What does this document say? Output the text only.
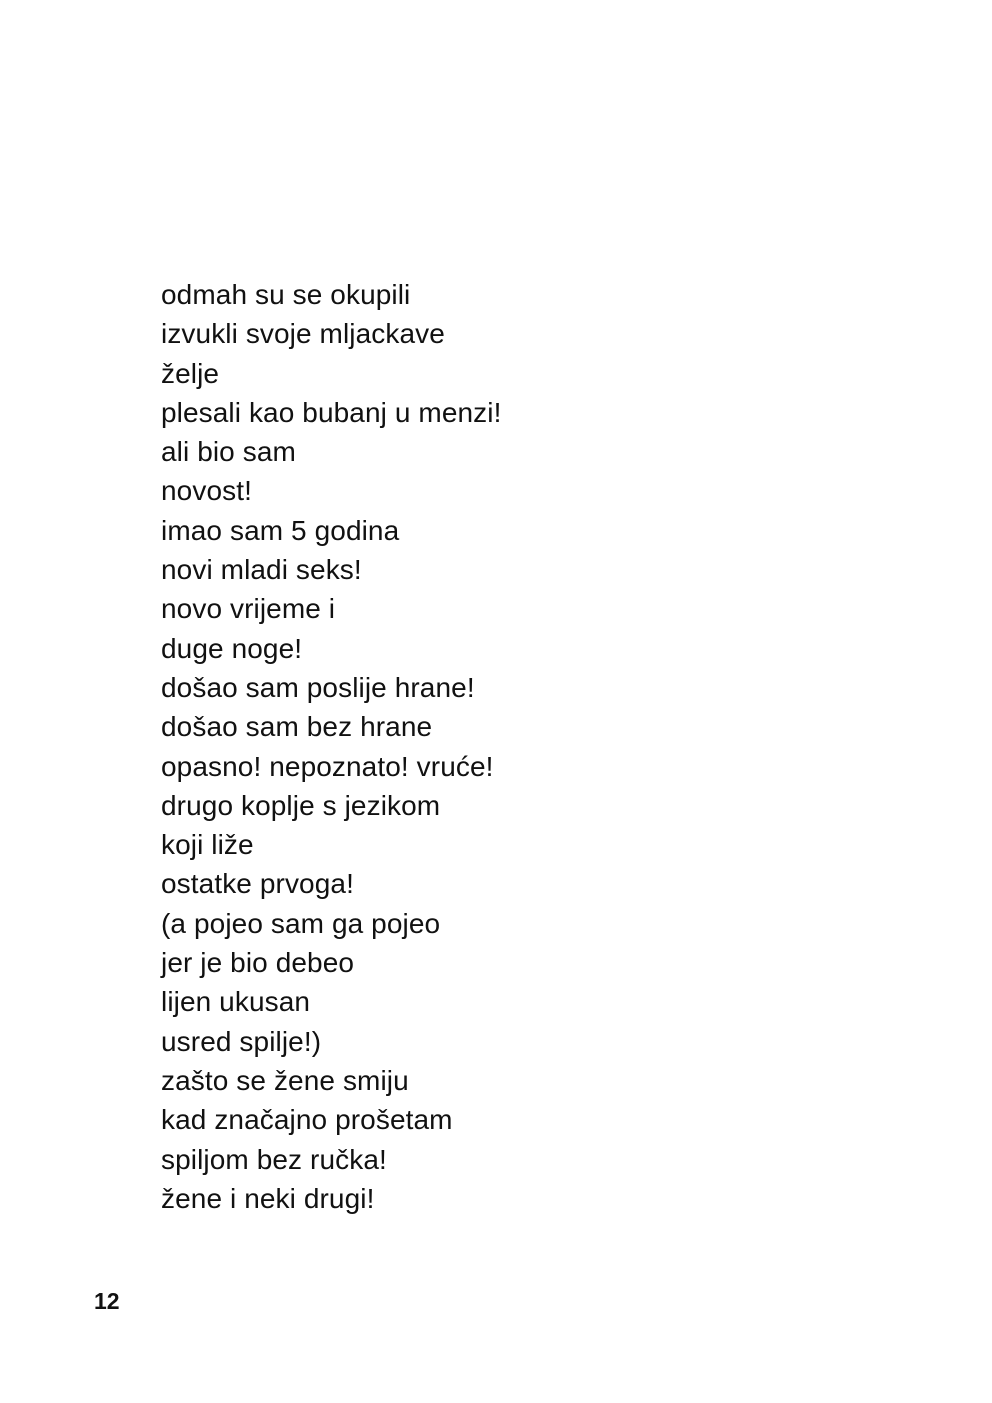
odmah su se okupili
izvukli svoje mljackave
želje
plesali kao bubanj u menzi!
ali bio sam
novost!
imao sam 5 godina
novi mladi seks!
novo vrijeme i
duge noge!
došao sam poslije hrane!
došao sam bez hrane
opasno! nepoznato! vruće!
drugo koplje s jezikom
koji liže
ostatke prvoga!
(a pojeo sam ga pojeo
jer je bio debeo
lijen ukusan
usred spilje!)
zašto se žene smiju
kad značajno prošetam
spiljom bez ručka!
žene i neki drugi!
12
